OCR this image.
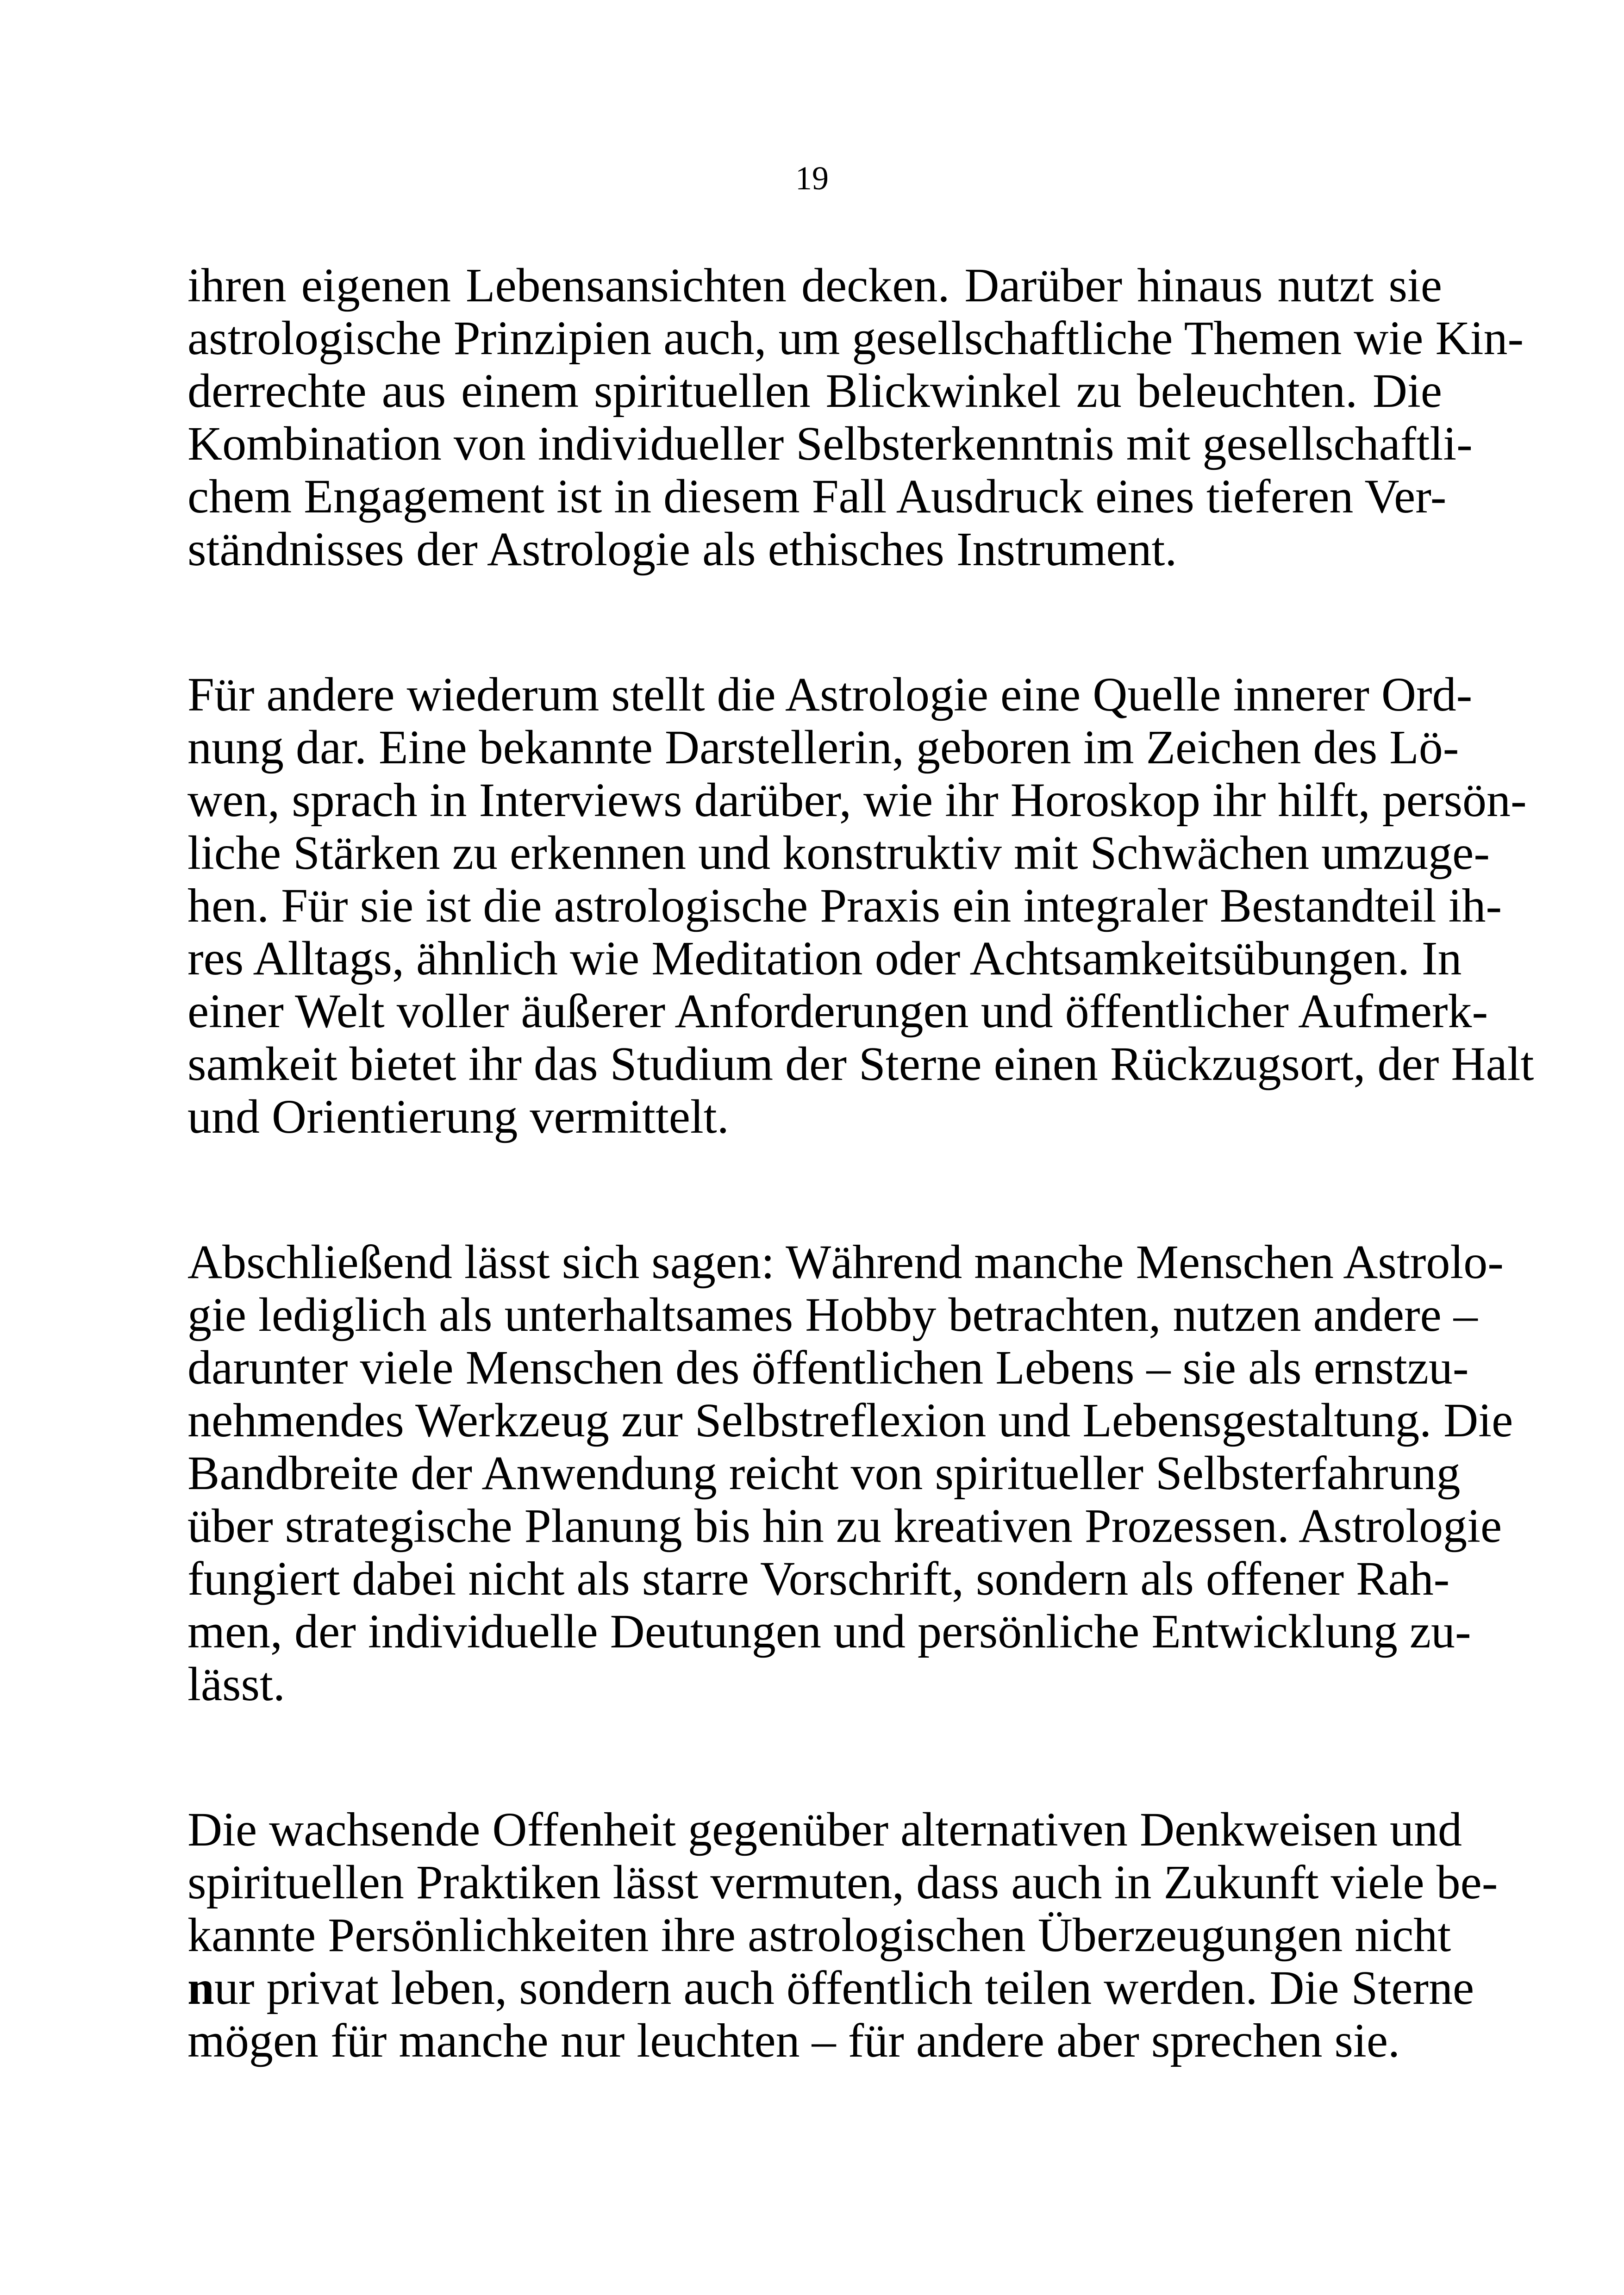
19
ihren eigenen Lebensansichten decken. Darüber hinaus nutzt sie
astrologische Prinzipien auch, um gesellschaftliche Themen wie Kin-
derrechte aus einem spirituellen Blickwinkel zu beleuchten. Die
Kombination von individueller Selbsterkenntnis mit gesellschaftli-
chem Engagement ist in diesem Fall Ausdruck eines tieferen Ver-
ständnisses der Astrologie als ethisches Instrument.
Für andere wiederum stellt die Astrologie eine Quelle innerer Ord-
nung dar. Eine bekannte Darstellerin, geboren im Zeichen des Lö-
wen, sprach in Interviews darüber, wie ihr Horoskop ihr hilft, persön-
liche Stärken zu erkennen und konstruktiv mit Schwächen umzuge-
hen. Für sie ist die astrologische Praxis ein integraler Bestandteil ih-
res Alltags, ähnlich wie Meditation oder Achtsamkeitsübungen. In
einer Welt voller äußerer Anforderungen und öffentlicher Aufmerk-
samkeit bietet ihr das Studium der Sterne einen Rückzugsort, der Halt
und Orientierung vermittelt.
Abschließend lässt sich sagen: Während manche Menschen Astrolo-
gie lediglich als unterhaltsames Hobby betrachten, nutzen andere –
darunter viele Menschen des öffentlichen Lebens – sie als ernstzu-
nehmendes Werkzeug zur Selbstreflexion und Lebensgestaltung. Die
Bandbreite der Anwendung reicht von spiritueller Selbsterfahrung
über strategische Planung bis hin zu kreativen Prozessen. Astrologie
fungiert dabei nicht als starre Vorschrift, sondern als offener Rah-
men, der individuelle Deutungen und persönliche Entwicklung zu-
lässt.
Die wachsende Offenheit gegenüber alternativen Denkweisen und
spirituellen Praktiken lässt vermuten, dass auch in Zukunft viele be-
kannte Persönlichkeiten ihre astrologischen Überzeugungen nicht
nur privat leben, sondern auch öffentlich teilen werden. Die Sterne
mögen für manche nur leuchten – für andere aber sprechen sie.
